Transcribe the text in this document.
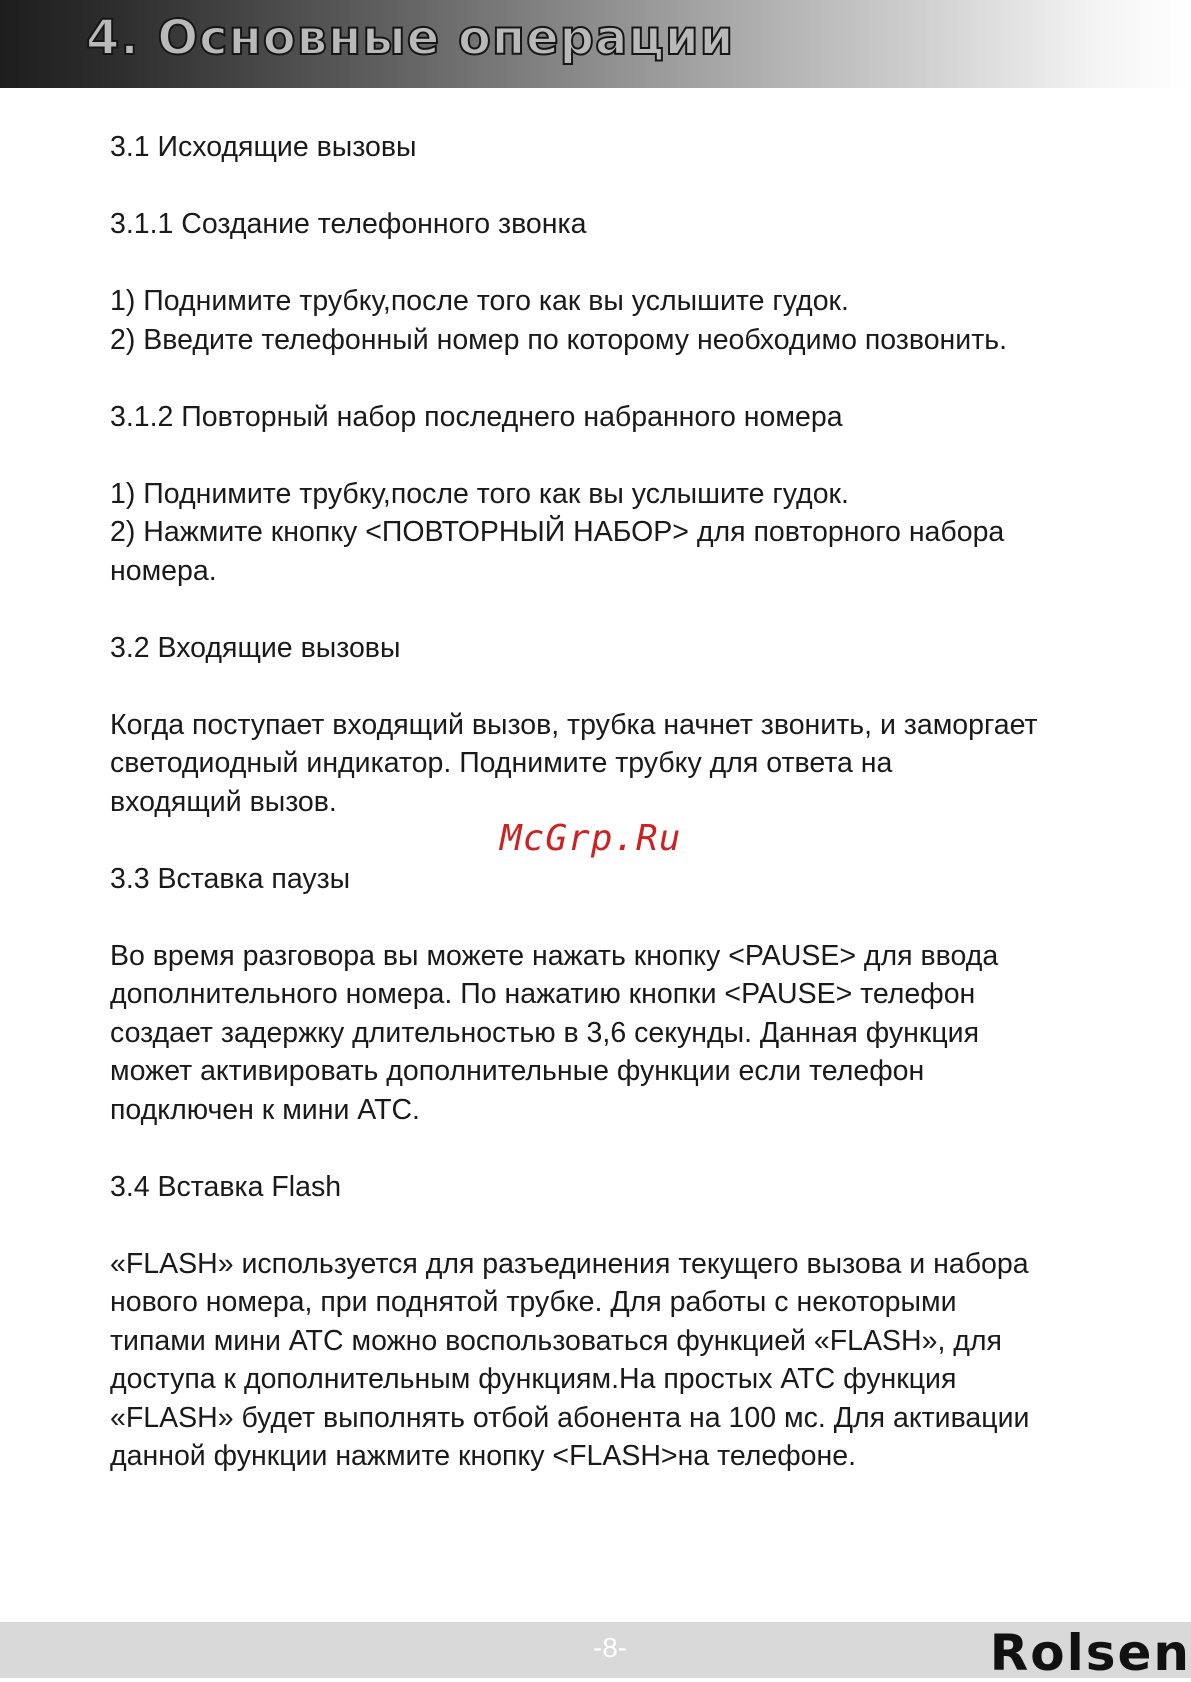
4. Основные операции

3.1 Исходящие вызовы

3.1.1 Создание телефонного звонка

1) Поднимите трубку,после того как вы услышите гудок.

2) Введите телефонный номер по которому необходимо позвонить.

3.1.2 Повторный набор последнего набранного номера

1) Поднимите трубку,после того как вы услышите гудок.

2) Нажмите кнопку <ПОВТОРНЫЙ НАБОР> для повторного набора

номера.

3.2 Входящие вызовы

Когда поступает входящий вызов, трубка начнет звонить, и заморгает

светодиодный индикатор. Поднимите трубку для ответа на

входящий вызов.

3.3 Вставка паузы

Во время разговора вы можете нажать кнопку <PAUSE> для ввода

дополнительного номера. По нажатию кнопки <PAUSE> телефон

создает задержку длительностью в 3,6 секунды. Данная функция

может активировать дополнительные функции если телефон

подключен к мини АТС.

3.4 Вставка Flash

«FLASH» используется для разъединения текущего вызова и набора

нового номера, при поднятой трубке. Для работы с некоторыми

типами мини АТС можно воспользоваться функцией «FLASH», для

доступа к дополнительным функциям.На простых АТС функция

«FLASH» будет выполнять отбой абонента на 100 мс. Для активации

данной функции нажмите кнопку <FLASH>на телефоне.

McGrp.Ru
-8-	Rolsen
